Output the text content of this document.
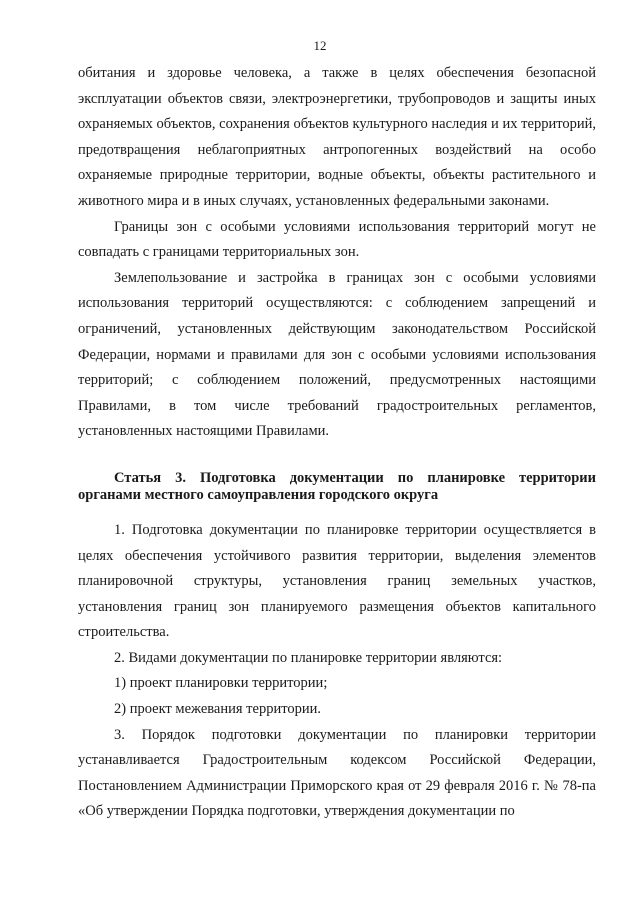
12

обитания и здоровье человека, а также в целях обеспечения безопасной эксплуатации объектов связи, электроэнергетики, трубопроводов и защиты иных охраняемых объектов, сохранения объектов культурного наследия и их территорий, предотвращения неблагоприятных антропогенных воздействий на особо охраняемые природные территории, водные объекты, объекты растительного и животного мира и в иных случаях, установленных федеральными законами.

Границы зон с особыми условиями использования территорий могут не совпадать с границами территориальных зон.

Землепользование и застройка в границах зон с особыми условиями использования территорий осуществляются: с соблюдением запрещений и ограничений, установленных действующим законодательством Российской Федерации, нормами и правилами для зон с особыми условиями использования территорий; с соблюдением положений, предусмотренных настоящими Правилами, в том числе требований градостроительных регламентов, установленных настоящими Правилами.

Статья 3. Подготовка документации по планировке территории органами местного самоуправления городского округа

1. Подготовка документации по планировке территории осуществляется в целях обеспечения устойчивого развития территории, выделения элементов планировочной структуры, установления границ земельных участков, установления границ зон планируемого размещения объектов капитального строительства.

2. Видами документации по планировке территории являются:

1) проект планировки территории;

2) проект межевания территории.

3. Порядок подготовки документации по планировки территории устанавливается Градостроительным кодексом Российской Федерации, Постановлением Администрации Приморского края от 29 февраля 2016 г. № 78-па «Об утверждении Порядка подготовки, утверждения документации по
